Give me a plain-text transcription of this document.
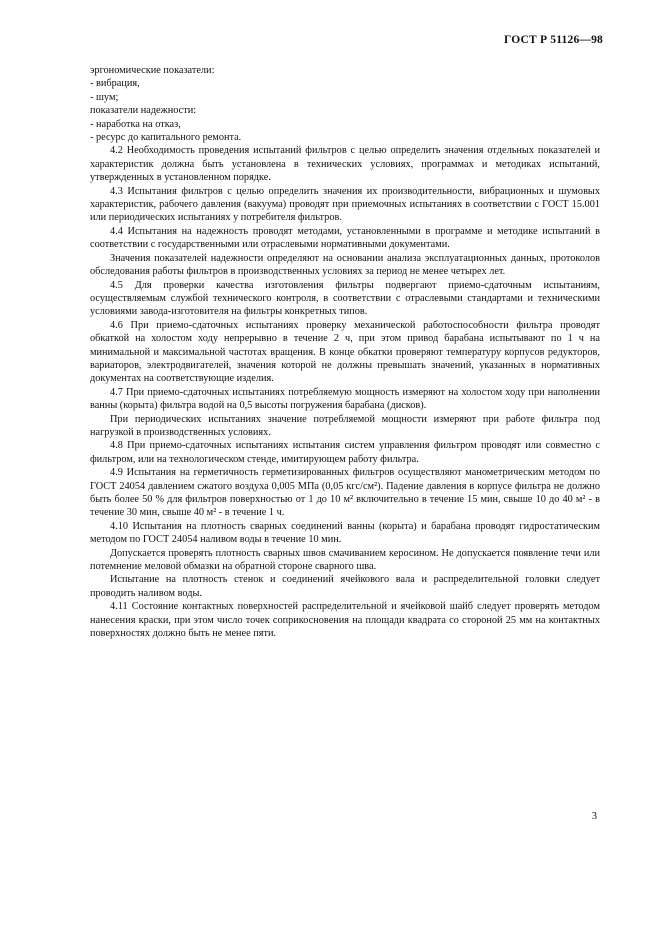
ГОСТ Р 51126—98

эргономические показатели:

- вибрация,

- шум;

показатели надежности:

- наработка на отказ,

- ресурс до капитального ремонта.

4.2 Необходимость проведения испытаний фильтров с целью определить значения отдельных показателей и характеристик должна быть установлена в технических условиях, программах и методиках испытаний, утвержденных в установленном порядке.

4.3 Испытания фильтров с целью определить значения их производительности, вибрационных и шумовых характеристик, рабочего давления (вакуума) проводят при приемочных испытаниях в соответствии с ГОСТ 15.001 или периодических испытаниях у потребителя фильтров.

4.4 Испытания на надежность проводят методами, установленными в программе и методике испытаний в соответствии с государственными или отраслевыми нормативными документами.

Значения показателей надежности определяют на основании анализа эксплуатационных данных, протоколов обследования работы фильтров в производственных условиях за период не менее четырех лет.

4.5 Для проверки качества изготовления фильтры подвергают приемо-сдаточным испытаниям, осуществляемым службой технического контроля, в соответствии с отраслевыми стандартами и техническими условиями завода-изготовителя на фильтры конкретных типов.

4.6 При приемо-сдаточных испытаниях проверку механической работоспособности фильтра проводят обкаткой на холостом ходу непрерывно в течение 2 ч, при этом привод барабана испытывают по 1 ч на минимальной и максимальной частотах вращения. В конце обкатки проверяют температуру корпусов редукторов, вариаторов, электродвигателей, значения которой не должны превышать значений, указанных в нормативных документах на соответствующие изделия.

4.7 При приемо-сдаточных испытаниях потребляемую мощность измеряют на холостом ходу при наполнении ванны (корыта) фильтра водой на 0,5 высоты погружения барабана (дисков).

При периодических испытаниях значение потребляемой мощности измеряют при работе фильтра под нагрузкой в производственных условиях.

4.8 При приемо-сдаточных испытаниях испытания систем управления фильтром проводят или совместно с фильтром, или на технологическом стенде, имитирующем работу фильтра.

4.9 Испытания на герметичность герметизированных фильтров осуществляют манометрическим методом по ГОСТ 24054 давлением сжатого воздуха 0,005 МПа (0,05 кгс/см²). Падение давления в корпусе фильтра не должно быть более 50 % для фильтров поверхностью от 1 до 10 м² включительно в течение 15 мин, свыше 10 до 40 м² - в течение 30 мин, свыше 40 м² - в течение 1 ч.

4.10 Испытания на плотность сварных соединений ванны (корыта) и барабана проводят гидростатическим методом по ГОСТ 24054 наливом воды в течение 10 мин.

Допускается проверять плотность сварных швов смачиванием керосином. Не допускается появление течи или потемнение меловой обмазки на обратной стороне сварного шва.

Испытание на плотность стенок и соединений ячейкового вала и распределительной головки следует проводить наливом воды.

4.11 Состояние контактных поверхностей распределительной и ячейковой шайб следует проверять методом нанесения краски, при этом число точек соприкосновения на площади квадрата со стороной 25 мм на контактных поверхностях должно быть не менее пяти.

3
